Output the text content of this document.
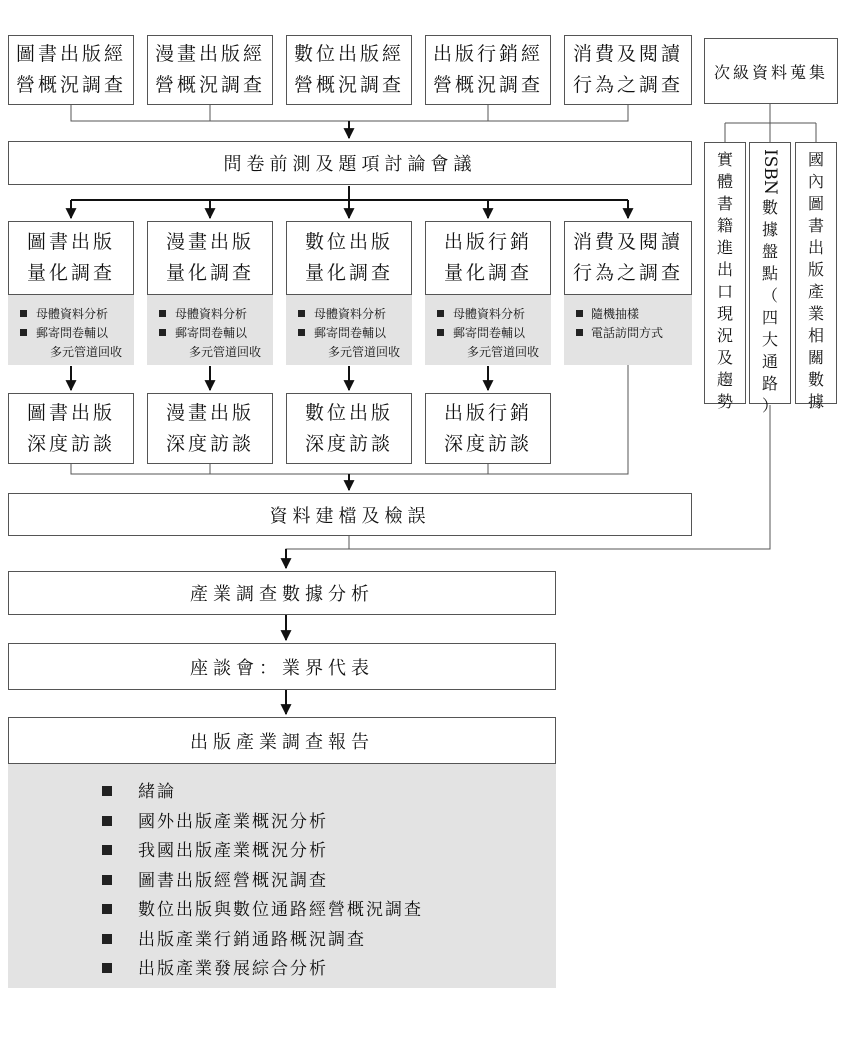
圖書出版經
營概況調查
漫畫出版經
營概況調查
數位出版經
營概況調查
出版行銷經
營概況調查
消費及閱讀
行為之調查
次級資料蒐集
問卷前測及題項討論會議	實
體
書
籍
進
出
口
現
況
及
趨
勢
ISBN
數
據
盤
點
（
四
大
通
路
）
國
內
圖
書
出
版
產
業
相
關
數
據
圖書出版
量化調查
漫畫出版
量化調查
數位出版
量化調查
出版行銷
量化調查
消費及閱讀
行為之調查
母體資料分析
郵寄問卷輔以
多元管道回收
母體資料分析
郵寄問卷輔以
多元管道回收
母體資料分析
郵寄問卷輔以
多元管道回收
母體資料分析
郵寄問卷輔以
多元管道回收
隨機抽樣
電話訪問方式
圖書出版
深度訪談
漫畫出版
深度訪談
數位出版
深度訪談
出版行銷
深度訪談
資料建檔及檢誤
產業調查數據分析
座談會：業界代表
出版產業調查報告
緒論
國外出版產業概況分析
我國出版產業概況分析
圖書出版經營概況調查
數位出版與數位通路經營概況調查
出版產業行銷通路概況調查
出版產業發展綜合分析
